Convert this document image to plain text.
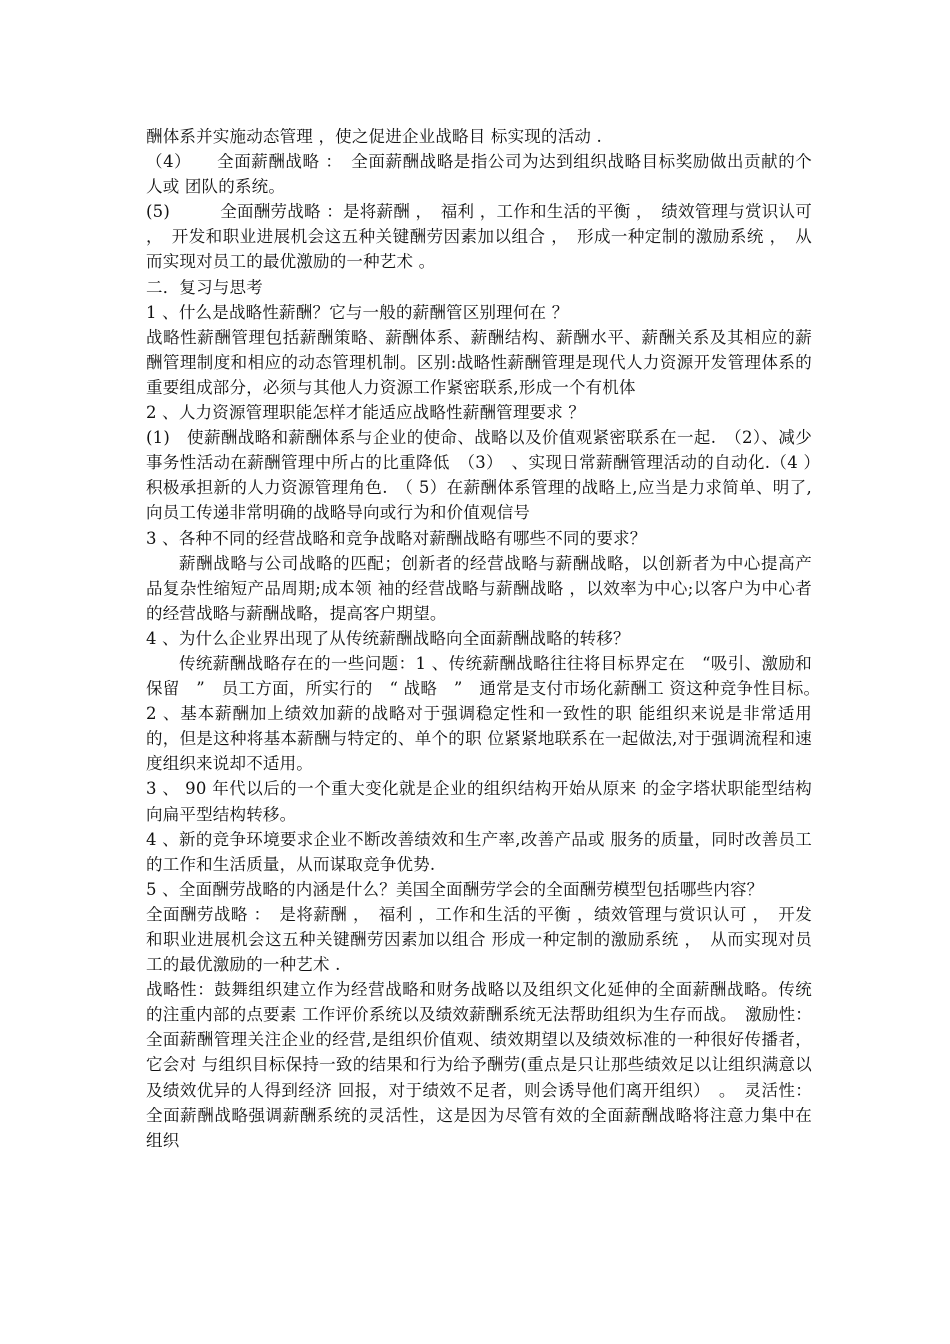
酬体系并实施动态管理 ，使之促进企业战略目 标实现的活动 .

（4）　　全面薪酬战略 ：　全面薪酬战略是指公司为达到组织战略目标奖励做出贡献的个人或 团队的系统。

(5)　　　全面酬劳战略 ：是将薪酬 ，　福利 ，工作和生活的平衡 ，　绩效管理与赏识认可 ，　开发和职业进展机会这五种关键酬劳因素加以组合 ，　形成一种定制的激励系统 ，　从而实现对员工的最优激励的一种艺术 。

二．复习与思考

1 、什么是战略性薪酬？它与一般的薪酬管区别理何在 ？

战略性薪酬管理包括薪酬策略、薪酬体系、薪酬结构、薪酬水平、薪酬关系及其相应的薪酬管理制度和相应的动态管理机制。区别:战略性薪酬管理是现代人力资源开发管理体系的重要组成部分，必须与其他人力资源工作紧密联系,形成一个有机体

2 、人力资源管理职能怎样才能适应战略性薪酬管理要求 ？

(1)　使薪酬战略和薪酬体系与企业的使命、战略以及价值观紧密联系在一起.　（2）、减少事务性活动在薪酬管理中所占的比重降低　（3）　、实现日常薪酬管理活动的自动化.（4 ）　积极承担新的人力资源管理角色.　（ 5）在薪酬体系管理的战略上,应当是力求简单、明了,向员工传递非常明确的战略导向或行为和价值观信号

3 、各种不同的经营战略和竞争战略对薪酬战略有哪些不同的要求？

薪酬战略与公司战略的匹配；创新者的经营战略与薪酬战略，以创新者为中心提高产品复杂性缩短产品周期;成本领 袖的经营战略与薪酬战略 ，以效率为中心;以客户为中心者的经营战略与薪酬战略，提高客户期望。

4 、为什么企业界出现了从传统薪酬战略向全面薪酬战略的转移？

传统薪酬战略存在的一些问题：1 、传统薪酬战略往往将目标界定在　“吸引、激励和保留　”　员工方面，所实行的　“ 战略　”　通常是支付市场化薪酬工 资这种竞争性目标。　2 、基本薪酬加上绩效加薪的战略对于强调稳定性和一致性的职 能组织来说是非常适用的，但是这种将基本薪酬与特定的、单个的职 位紧紧地联系在一起做法,对于强调流程和速度组织来说却不适用。

3 、 90 年代以后的一个重大变化就是企业的组织结构开始从原来 的金字塔状职能型结构向扁平型结构转移。

4 、新的竞争环境要求企业不断改善绩效和生产率,改善产品或 服务的质量，同时改善员工的工作和生活质量，从而谋取竞争优势.

5 、全面酬劳战略的内涵是什么？美国全面酬劳学会的全面酬劳模型包括哪些内容？

全面酬劳战略 ：　是将薪酬 ，　福利 ，工作和生活的平衡 ，绩效管理与赏识认可 ，　开发和职业进展机会这五种关键酬劳因素加以组合 形成一种定制的激励系统 ，　从而实现对员工的最优激励的一种艺术 .

战略性：鼓舞组织建立作为经营战略和财务战略以及组织文化延伸的全面薪酬战略。传统的注重内部的点要素 工作评价系统以及绩效薪酬系统无法帮助组织为生存而战。　激励性：全面薪酬管理关注企业的经营,是组织价值观、绩效期望以及绩效标准的一种很好传播者，它会对 与组织目标保持一致的结果和行为给予酬劳(重点是只让那些绩效足以让组织满意以及绩效优异的人得到经济 回报，对于绩效不足者，则会诱导他们离开组织）　。　灵活性：全面薪酬战略强调薪酬系统的灵活性，这是因为尽管有效的全面薪酬战略将注意力集中在组织
